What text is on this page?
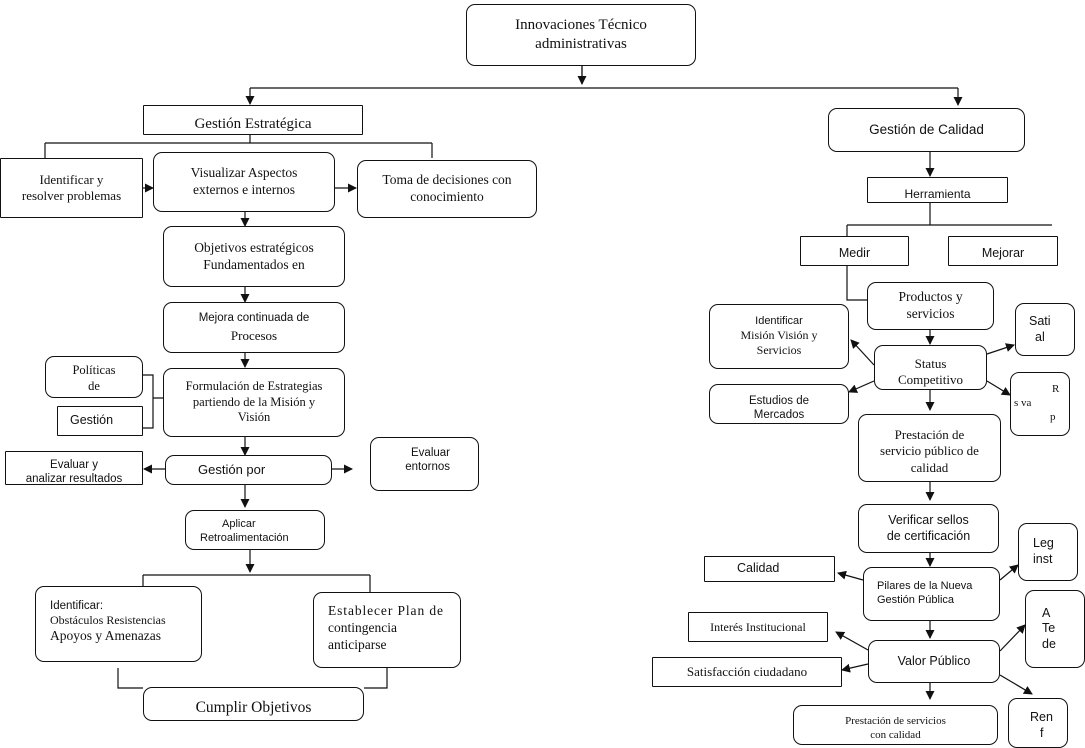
Innovaciones Técnico
administrativas
Gestión Estratégica
Identificar y
resolver problemas
Visualizar Aspectos
externos e internos
Toma de decisiones con
conocimiento
Objetivos estratégicos
Fundamentados en
Mejora continuada de
Procesos
Políticas
de
Gestión
Formulación de Estrategias
partiendo de la Misión y
Visión
Evaluar y
analizar resultados
Gestión por
Evaluar
entornos
Aplicar
Retroalimentación
Identificar:
Obstáculos Resistencias
Apoyos y Amenazas
Establecer Plan de
contingencia
anticiparse
Cumplir Objetivos
Gestión de Calidad
Herramienta
Medir	Mejorar
Productos y
servicios
Identificar
Misión Visión y
Servicios
Sati
al
Status
Competitivo
Estudios de
Mercados
R
s va
p
Prestación de
servicio público de
calidad
Verificar sellos
de certificación
Leg
inst
Calidad
Pilares de la Nueva
Gestión Pública
A
Te
de
Interés Institucional
Valor Público
Satisfacción ciudadano
Ren
f
Prestación de servicios
con calidad
